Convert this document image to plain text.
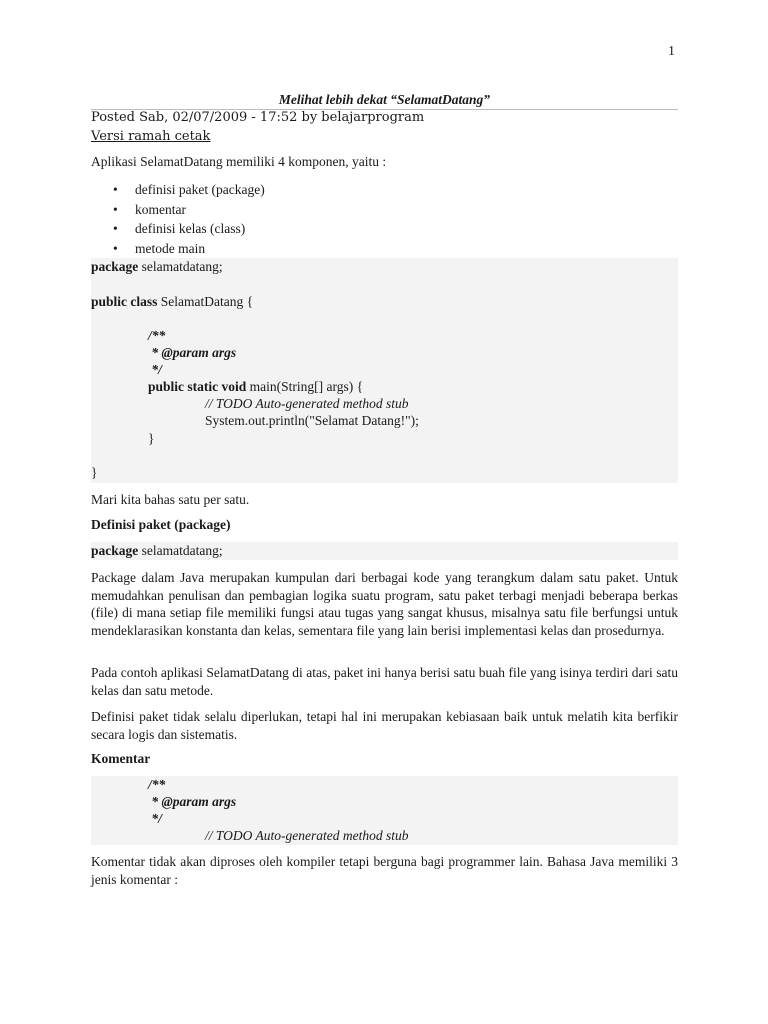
1
Melihat lebih dekat “SelamatDatang”
Posted Sab, 02/07/2009 - 17:52 by belajarprogram
Versi ramah cetak

Aplikasi SelamatDatang memiliki 4 komponen, yaitu :

• definisi paket (package)
• komentar
• definisi kelas (class)
• metode main
package selamatdatang;
public class SelamatDatang {
/**
* @param args
*/
public static void main(String[] args) {
// TODO Auto-generated method stub
System.out.println("Selamat Datang!");
}
}

Mari kita bahas satu per satu.

Definisi paket (package)
package selamatdatang;

Package dalam Java merupakan kumpulan dari berbagai kode yang terangkum dalam satu paket. Untuk memudahkan penulisan dan pembagian logika suatu program, satu paket terbagi menjadi beberapa berkas (file) di mana setiap file memiliki fungsi atau tugas yang sangat khusus, misalnya satu file berfungsi untuk mendeklarasikan konstanta dan kelas, sementara file yang lain berisi implementasi kelas dan prosedurnya.

Pada contoh aplikasi SelamatDatang di atas, paket ini hanya berisi satu buah file yang isinya terdiri dari satu kelas dan satu metode.

Definisi paket tidak selalu diperlukan, tetapi hal ini merupakan kebiasaan baik untuk melatih kita berfikir secara logis dan sistematis.

Komentar
/**
* @param args
*/
// TODO Auto-generated method stub

Komentar tidak akan diproses oleh kompiler tetapi berguna bagi programmer lain. Bahasa Java memiliki 3 jenis komentar :
